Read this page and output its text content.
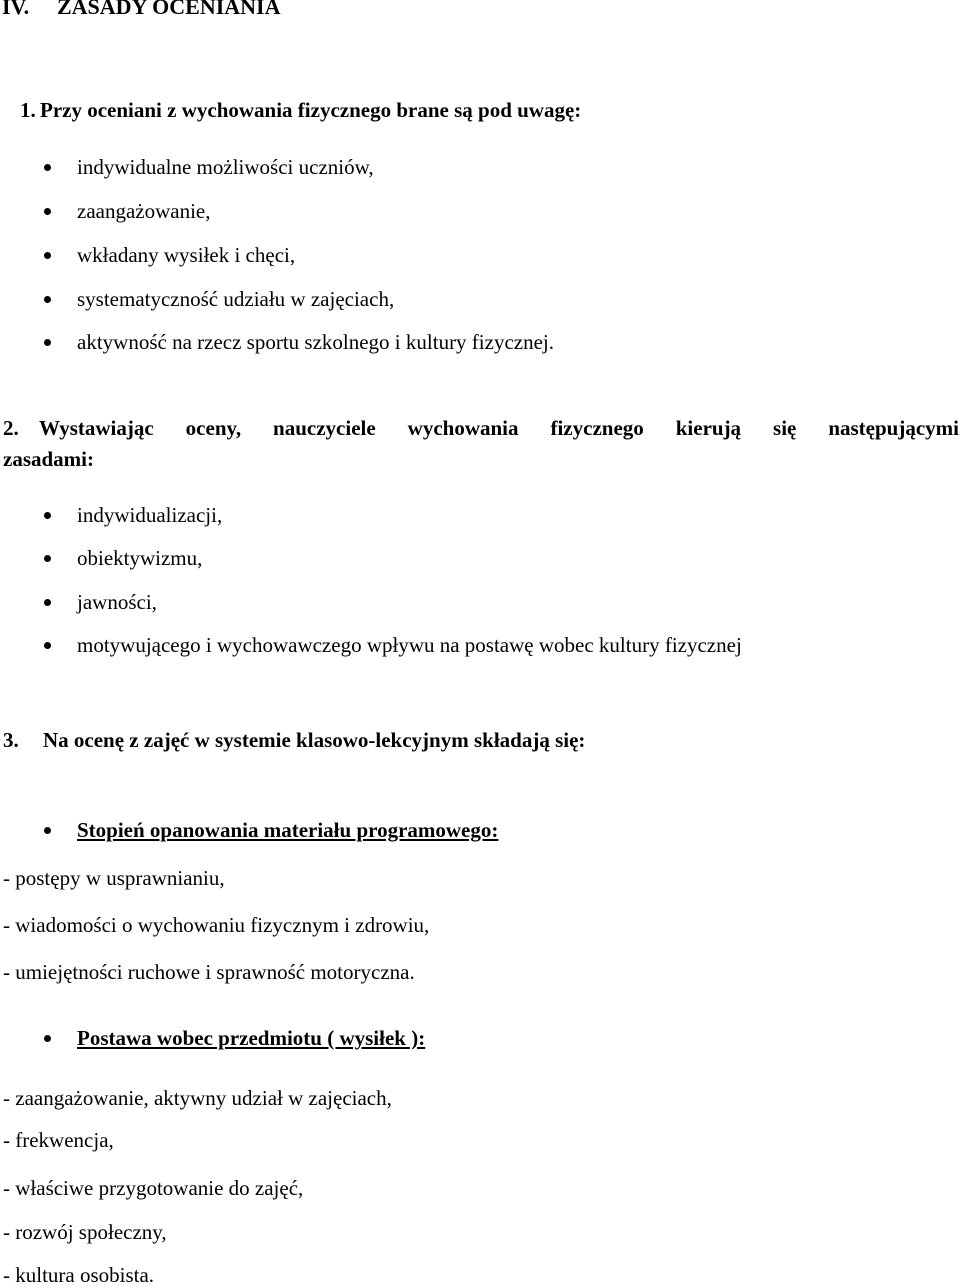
IV. ZASADY OCENIANIA
1. Przy oceniani z wychowania fizycznego brane są pod uwagę:
indywidualne możliwości uczniów,
zaangażowanie,
wkładany wysiłek i chęci,
systematyczność udziału w zajęciach,
aktywność na rzecz sportu szkolnego i kultury fizycznej.
2. Wystawiając oceny, nauczyciele wychowania fizycznego kierują się następującymi
zasadami:
indywidualizacji,
obiektywizmu,
jawności,
motywującego i wychowawczego wpływu na postawę wobec kultury fizycznej
3. Na ocenę z zajęć w systemie klasowo-lekcyjnym składają się:
Stopień opanowania materiału programowego:
- postępy w usprawnianiu,
- wiadomości o wychowaniu fizycznym i zdrowiu,
- umiejętności ruchowe i sprawność motoryczna.
Postawa wobec przedmiotu ( wysiłek ):
- zaangażowanie, aktywny udział w zajęciach,
- frekwencja,
- właściwe przygotowanie do zajęć,
- rozwój społeczny,
- kultura osobista.
